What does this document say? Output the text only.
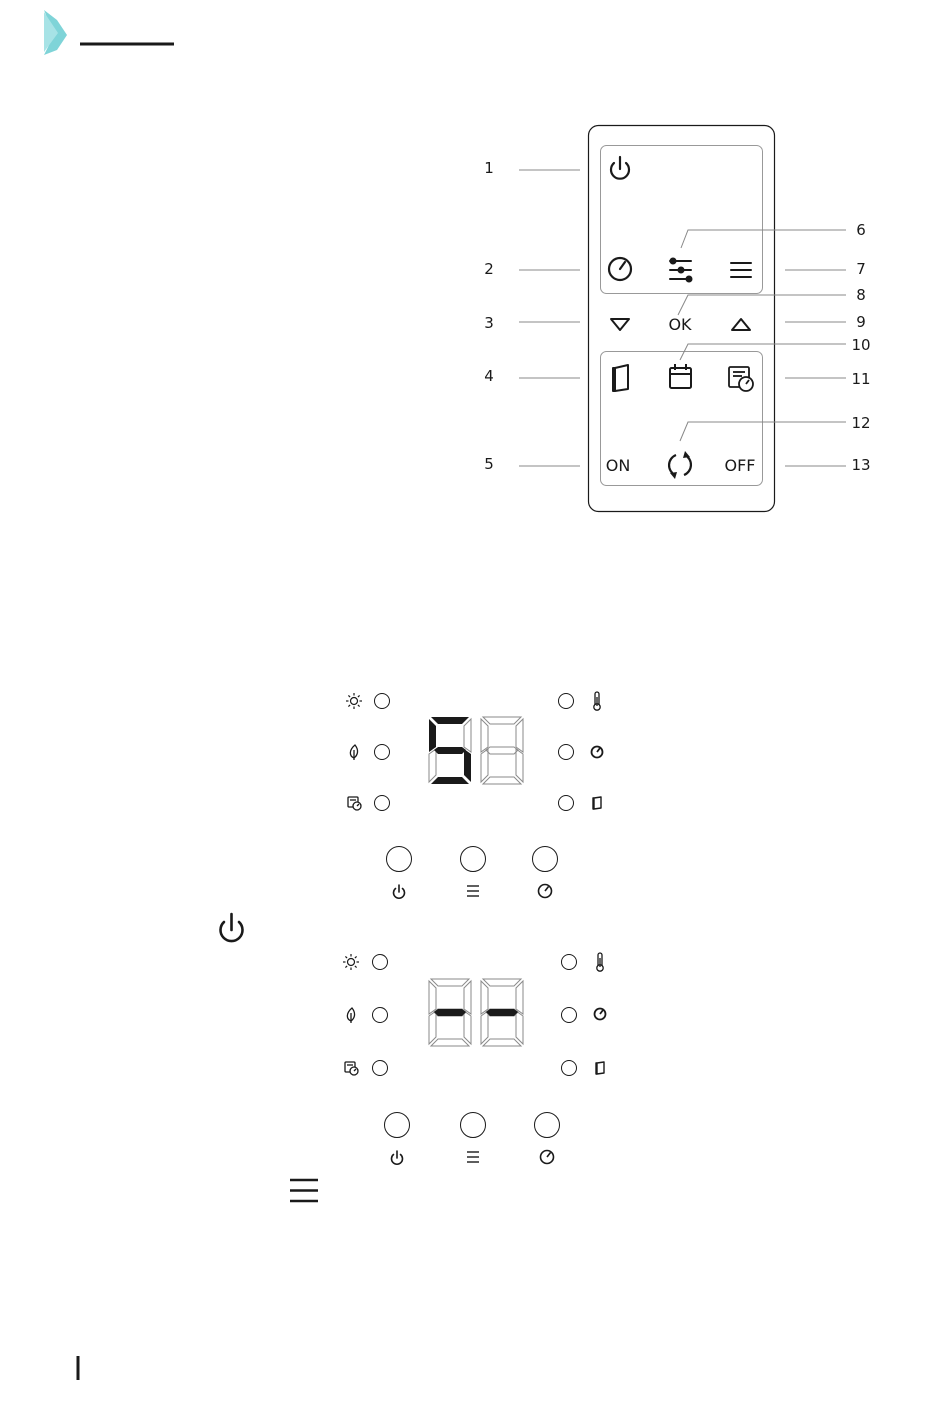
OK
ON	OFF
1
2
3
4
5
6
7
8
9
10
11
12
13
